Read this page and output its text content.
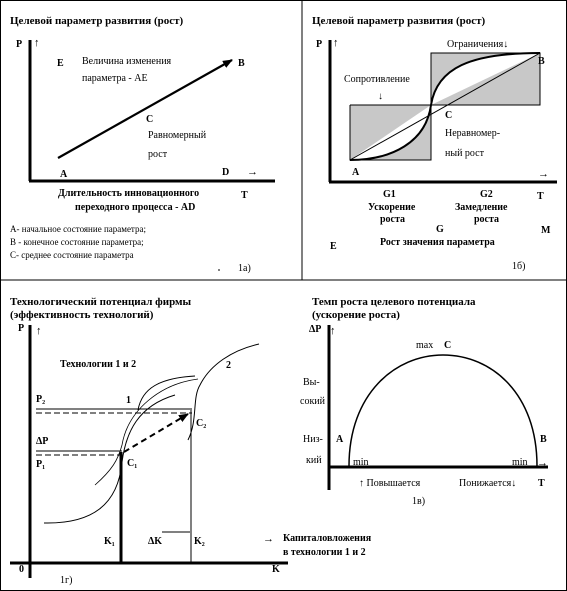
Целевой параметр развития (рост)
P ↑
E	B
C
A	D
Величина изменения
параметра - AE
Равномерный
рост
→
T
Длительность инновационного
переходного процесса - AD
А- начальное состояние параметра;
В - конечное состояние параметра;
С- среднее состояние параметра
1а)
Целевой параметр развития (рост)
P ↑	Ограничения↓
Сопротивление
↓
B
C
Неравномер-
ный рост
A	→
T
G1	G2
Ускорение
роста
Замедление
роста
G
E
M
Рост значения параметра
1б)
Технологический потенциал фирмы
(эффективность технологий)
P ↑
Технологии 1 и 2	2
1
P₂
ΔP
P₁	C₁
C₂
K₁	ΔK	K₂
0	K
→ Капиталовложения
в технологии 1 и 2
1г)
Темп роста целевого потенциала
(ускорение роста)
ΔP ↑
max C
Вы-
сокий
Низ-
кий
A	B
min	min →
↑ Повышается	Понижается↓ T
1в)
